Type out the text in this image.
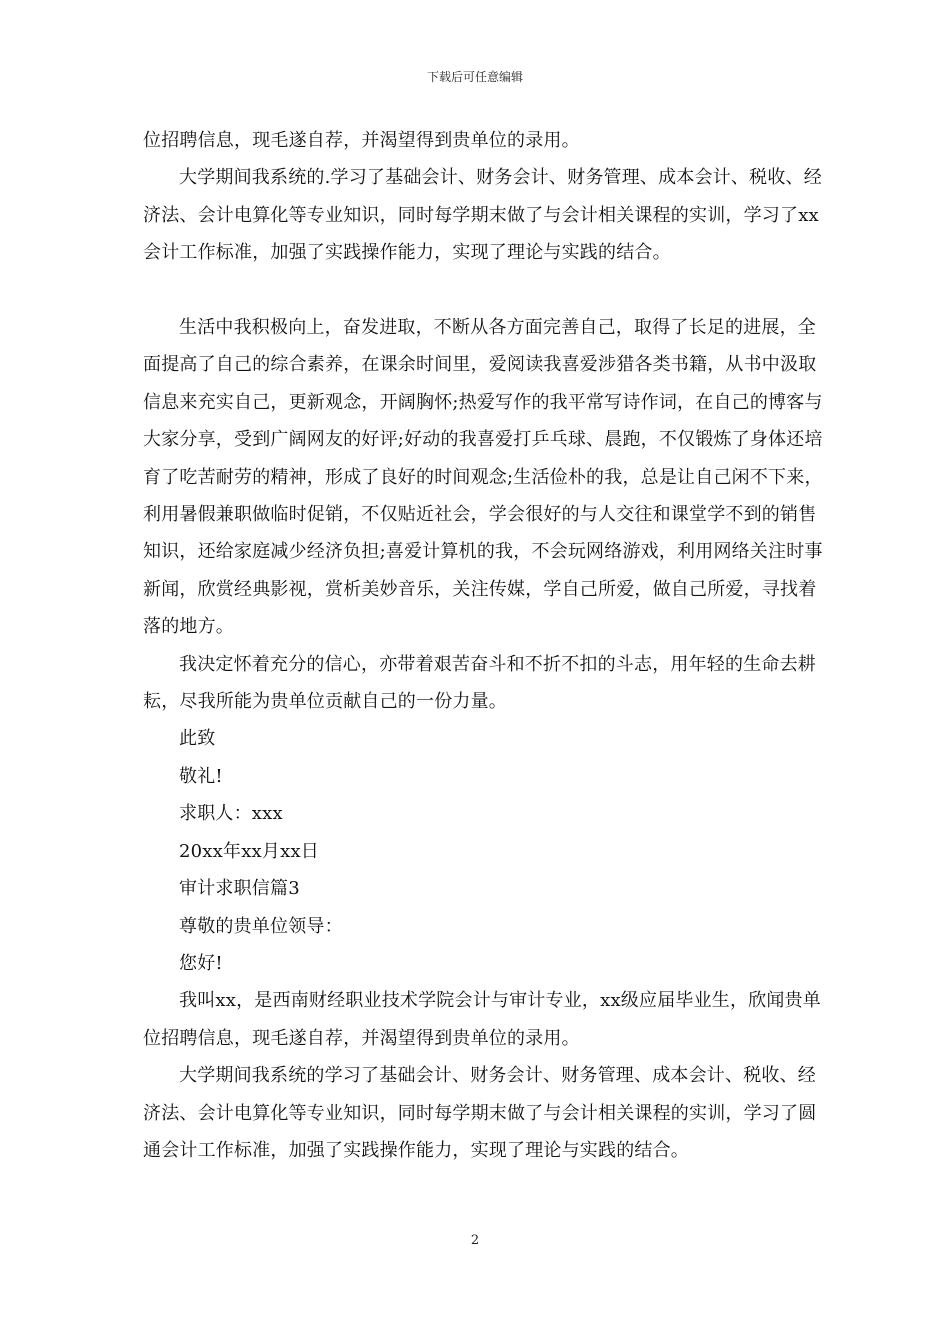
下载后可任意编辑

位招聘信息，现毛遂自荐，并渴望得到贵单位的录用。

大学期间我系统的.学习了基础会计、财务会计、财务管理、成本会计、税收、经济法、会计电算化等专业知识，同时每学期末做了与会计相关课程的实训，学习了xx会计工作标准，加强了实践操作能力，实现了理论与实践的结合。

生活中我积极向上，奋发进取，不断从各方面完善自己，取得了长足的进展，全面提高了自己的综合素养，在课余时间里，爱阅读我喜爱涉猎各类书籍，从书中汲取信息来充实自己，更新观念，开阔胸怀;热爱写作的我平常写诗作词，在自己的博客与大家分享，受到广阔网友的好评;好动的我喜爱打乒乓球、晨跑，不仅锻炼了身体还培育了吃苦耐劳的精神，形成了良好的时间观念;生活俭朴的我，总是让自己闲不下来，利用暑假兼职做临时促销，不仅贴近社会，学会很好的与人交往和课堂学不到的销售知识，还给家庭减少经济负担;喜爱计算机的我，不会玩网络游戏，利用网络关注时事新闻，欣赏经典影视，赏析美妙音乐，关注传媒，学自己所爱，做自己所爱，寻找着落的地方。

我决定怀着充分的信心，亦带着艰苦奋斗和不折不扣的斗志，用年轻的生命去耕耘，尽我所能为贵单位贡献自己的一份力量。

此致

敬礼!

求职人：xxx

20xx年xx月xx日

审计求职信篇3

尊敬的贵单位领导：

您好!

我叫xx，是西南财经职业技术学院会计与审计专业，xx级应届毕业生，欣闻贵单位招聘信息，现毛遂自荐，并渴望得到贵单位的录用。

大学期间我系统的学习了基础会计、财务会计、财务管理、成本会计、税收、经济法、会计电算化等专业知识，同时每学期末做了与会计相关课程的实训，学习了圆通会计工作标准，加强了实践操作能力，实现了理论与实践的结合。

2
